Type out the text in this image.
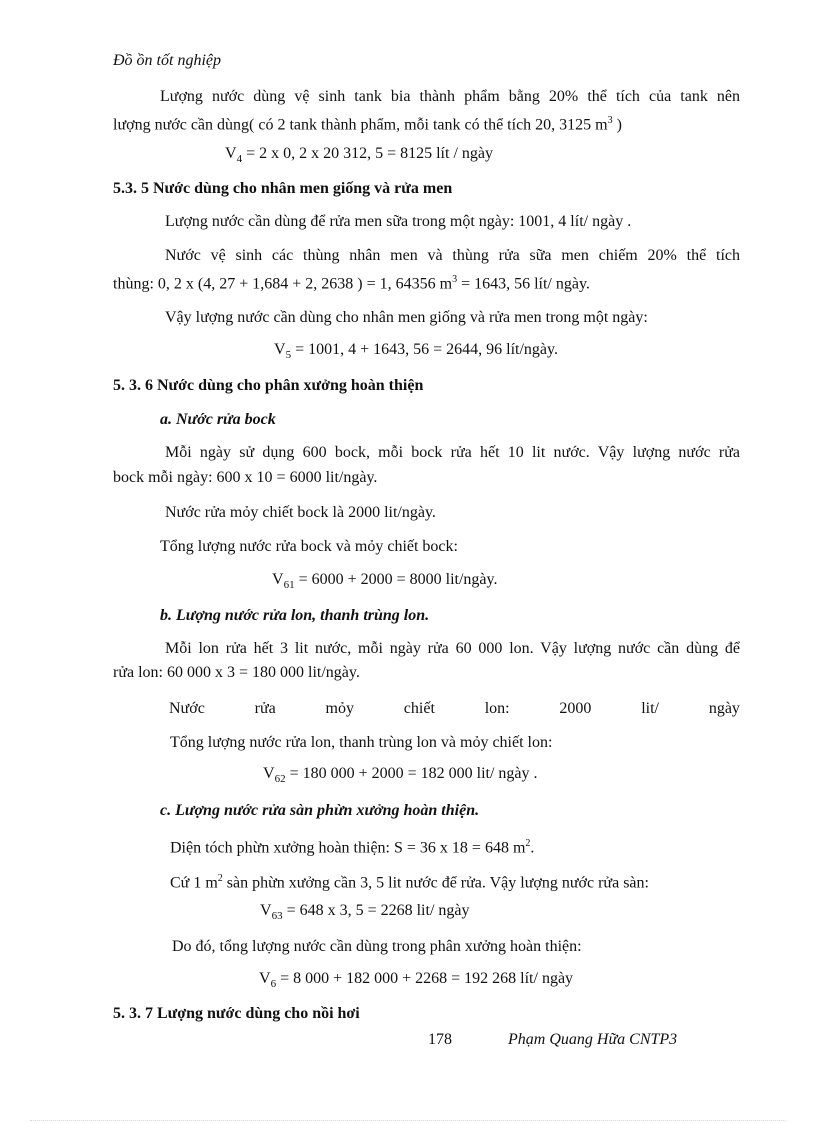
Đồ ồn tốt nghiệp
Lượng nước dùng vệ sinh tank bia thành phẩm bằng 20% thể tích của tank nên
lượng nước cần dùng( có 2 tank thành phẩm, mỗi tank có thể tích 20, 3125 $m^3$ )
$V_4 = 2$ x 0, 2 x 20 312, 5 = 8125 lít / ngày
5.3. 5 Nước dùng cho nhân men giống và rửa men
Lượng nước cần dùng để rửa men sữa trong một ngày: 1001, 4 lít/ ngày .
Nước vệ sinh các thùng nhân men và thùng rửa sữa men chiếm 20% thể tích
thùng: 0, 2 x (4, 27 + 1,684 + 2, 2638 ) = 1, 64356 $m^3 = 1643$, 56 lít/ ngày.
Vậy lượng nước cần dùng cho nhân men giống và rửa men trong một ngày:
$V_5 = 1001$, 4 + 1643, 56 = 2644, 96 lít/ngày.
5. 3. 6 Nước dùng cho phân xưởng hoàn thiện
a. Nước rửa bock
Mỗi ngày sử dụng 600 bock, mỗi bock rửa hết 10 lit nước. Vậy lượng nước rửa
bock mỗi ngày: 600 x 10 = 6000 lit/ngày.
Nước rửa mỏy chiết bock là 2000 lit/ngày.
Tổng lượng nước rửa bock và mỏy chiết bock:
$V_{61} = 6000 + 2000 = 8000$ lit/ngày.
b. Lượng nước rửa lon, thanh trùng lon.
Mỗi lon rửa hết 3 lit nước, mỗi ngày rửa 60 000 lon. Vậy lượng nước cần dùng để
rửa lon: 60 000 x 3 = 180 000 lit/ngày.
Nước	rửa	mỏy	chiết	lon:	2000	lit/	ngày
Tổng lượng nước rửa lon, thanh trùng lon và mỏy chiết lon:
$V_{62} = 180$ 000 + 2000 = 182 000 lit/ ngày .
c. Lượng nước rửa sàn phừn xưởng hoàn thiện.
Diện tóch phừn xưởng hoàn thiện: S = 36 x 18 = 648 $m^2$.
Cứ 1 $m^2$ sàn phừn xưởng cần 3, 5 lit nước để rửa. Vậy lượng nước rửa sàn:
$V_{63} = 648$ x 3, 5 = 2268 lit/ ngày
Do đó, tổng lượng nước cần dùng trong phân xưởng hoàn thiện:
$V_6 = 8$ 000 + 182 000 + 2268 = 192 268 lít/ ngày
5. 3. 7 Lượng nước dùng cho nồi hơi
178	Phạm Quang Hữa CNTP3
